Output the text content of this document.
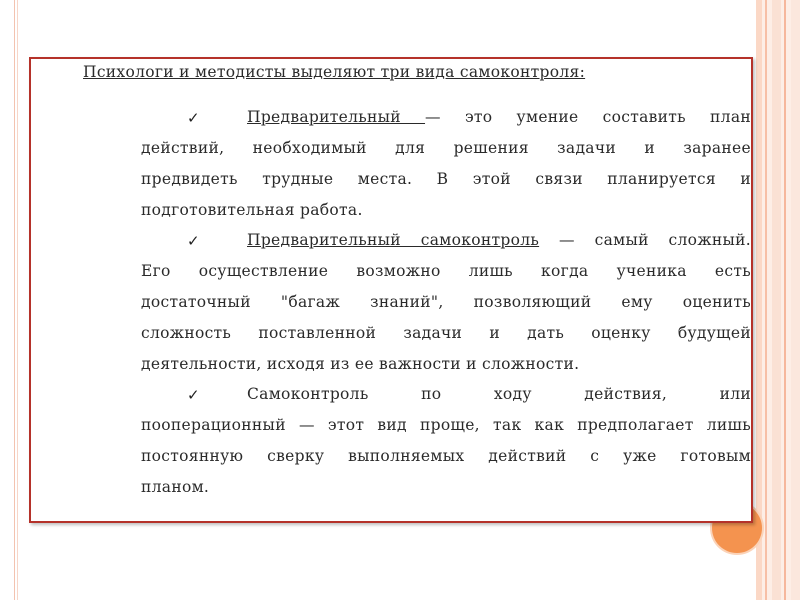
Психологи и методисты выделяют три вида самоконтроля:
✓	Предварительный — это умение составить план
действий, необходимый для решения задачи и заранее
предвидеть трудные места. В этой связи планируется и
подготовительная работа.
✓	Предварительный самоконтроль — самый сложный.
Его осуществление возможно лишь когда ученика есть
достаточный "багаж знаний", позволяющий ему оценить
сложность поставленной задачи и дать оценку будущей
деятельности, исходя из ее важности и сложности.
✓	Самоконтроль по ходу действия, или
пооперационный — этот вид проще, так как предполагает лишь
постоянную сверку выполняемых действий с уже готовым
планом.
